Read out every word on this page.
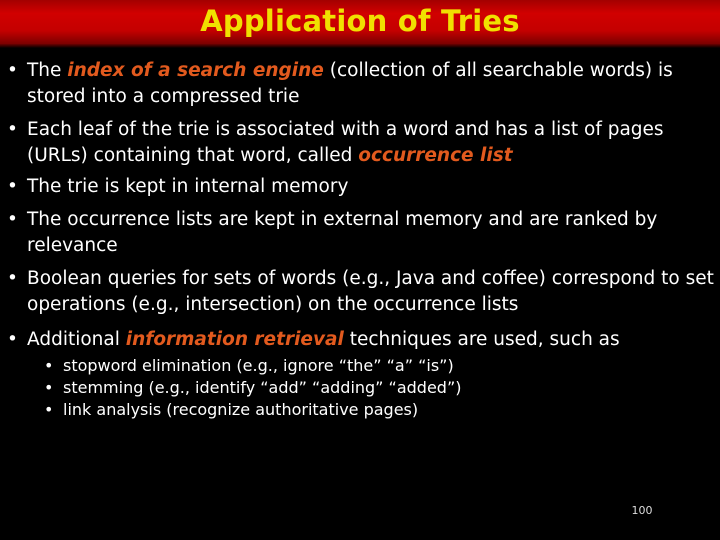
Application of Tries
• The index of a search engine (collection of all searchable words) is stored into a compressed trie
• Each leaf of the trie is associated with a word and has a list of pages (URLs) containing that word, called occurrence list
• The trie is kept in internal memory
• The occurrence lists are kept in external memory and are ranked by relevance
• Boolean queries for sets of words (e.g., Java and coffee) correspond to set operations (e.g., intersection) on the occurrence lists
• Additional information retrieval techniques are used, such as
• stopword elimination (e.g., ignore “the” “a” “is”)
• stemming (e.g., identify “add” “adding” “added”)
• link analysis (recognize authoritative pages)
100
